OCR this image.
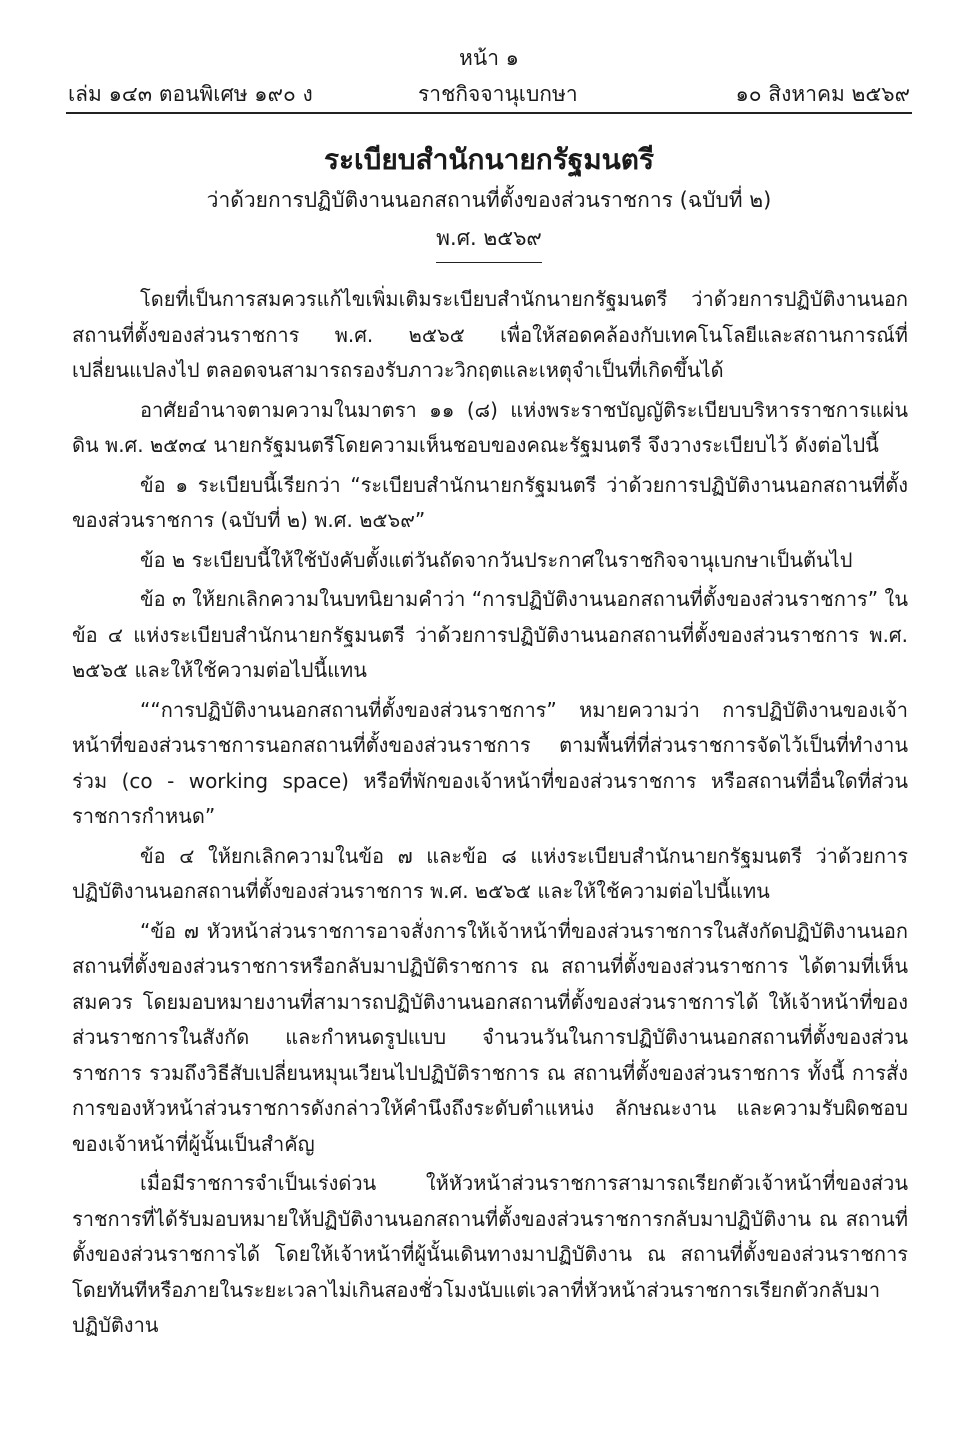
หน้า ๑
เล่ม ๑๔๓ ตอนพิเศษ ๑๙๐ ง	ราชกิจจานุเบกษา	๑๐ สิงหาคม ๒๕๖๙
ระเบียบสำนักนายกรัฐมนตรี
ว่าด้วยการปฏิบัติงานนอกสถานที่ตั้งของส่วนราชการ (ฉบับที่ ๒)
พ.ศ. ๒๕๖๙

โดยที่เป็นการสมควรแก้ไขเพิ่มเติมระเบียบสำนักนายกรัฐมนตรี ว่าด้วยการปฏิบัติงานนอกสถานที่ตั้งของส่วนราชการ พ.ศ. ๒๕๖๕ เพื่อให้สอดคล้องกับเทคโนโลยีและสถานการณ์ที่เปลี่ยนแปลงไป ตลอดจนสามารถรองรับภาวะวิกฤตและเหตุจำเป็นที่เกิดขึ้นได้

อาศัยอำนาจตามความในมาตรา ๑๑ (๘) แห่งพระราชบัญญัติระเบียบบริหารราชการแผ่นดิน พ.ศ. ๒๕๓๔ นายกรัฐมนตรีโดยความเห็นชอบของคณะรัฐมนตรี จึงวางระเบียบไว้ ดังต่อไปนี้

ข้อ ๑ ระเบียบนี้เรียกว่า “ระเบียบสำนักนายกรัฐมนตรี ว่าด้วยการปฏิบัติงานนอกสถานที่ตั้งของส่วนราชการ (ฉบับที่ ๒) พ.ศ. ๒๕๖๙”

ข้อ ๒ ระเบียบนี้ให้ใช้บังคับตั้งแต่วันถัดจากวันประกาศในราชกิจจานุเบกษาเป็นต้นไป

ข้อ ๓ ให้ยกเลิกความในบทนิยามคำว่า “การปฏิบัติงานนอกสถานที่ตั้งของส่วนราชการ” ในข้อ ๔ แห่งระเบียบสำนักนายกรัฐมนตรี ว่าด้วยการปฏิบัติงานนอกสถานที่ตั้งของส่วนราชการ พ.ศ. ๒๕๖๕ และให้ใช้ความต่อไปนี้แทน

““การปฏิบัติงานนอกสถานที่ตั้งของส่วนราชการ” หมายความว่า การปฏิบัติงานของเจ้าหน้าที่ของส่วนราชการนอกสถานที่ตั้งของส่วนราชการ ตามพื้นที่ที่ส่วนราชการจัดไว้เป็นที่ทำงานร่วม (co - working space) หรือที่พักของเจ้าหน้าที่ของส่วนราชการ หรือสถานที่อื่นใดที่ส่วนราชการกำหนด”

ข้อ ๔ ให้ยกเลิกความในข้อ ๗ และข้อ ๘ แห่งระเบียบสำนักนายกรัฐมนตรี ว่าด้วยการปฏิบัติงานนอกสถานที่ตั้งของส่วนราชการ พ.ศ. ๒๕๖๕ และให้ใช้ความต่อไปนี้แทน

“ข้อ ๗ หัวหน้าส่วนราชการอาจสั่งการให้เจ้าหน้าที่ของส่วนราชการในสังกัดปฏิบัติงานนอกสถานที่ตั้งของส่วนราชการหรือกลับมาปฏิบัติราชการ ณ สถานที่ตั้งของส่วนราชการ ได้ตามที่เห็นสมควร โดยมอบหมายงานที่สามารถปฏิบัติงานนอกสถานที่ตั้งของส่วนราชการได้ ให้เจ้าหน้าที่ของส่วนราชการในสังกัด และกำหนดรูปแบบ จำนวนวันในการปฏิบัติงานนอกสถานที่ตั้งของส่วนราชการ รวมถึงวิธีสับเปลี่ยนหมุนเวียนไปปฏิบัติราชการ ณ สถานที่ตั้งของส่วนราชการ ทั้งนี้ การสั่งการของหัวหน้าส่วนราชการดังกล่าวให้คำนึงถึงระดับตำแหน่ง ลักษณะงาน และความรับผิดชอบของเจ้าหน้าที่ผู้นั้นเป็นสำคัญ

เมื่อมีราชการจำเป็นเร่งด่วน ให้หัวหน้าส่วนราชการสามารถเรียกตัวเจ้าหน้าที่ของส่วนราชการที่ได้รับมอบหมายให้ปฏิบัติงานนอกสถานที่ตั้งของส่วนราชการกลับมาปฏิบัติงาน ณ สถานที่ตั้งของส่วนราชการได้ โดยให้เจ้าหน้าที่ผู้นั้นเดินทางมาปฏิบัติงาน ณ สถานที่ตั้งของส่วนราชการโดยทันทีหรือภายในระยะเวลาไม่เกินสองชั่วโมงนับแต่เวลาที่หัวหน้าส่วนราชการเรียกตัวกลับมาปฏิบัติงาน
